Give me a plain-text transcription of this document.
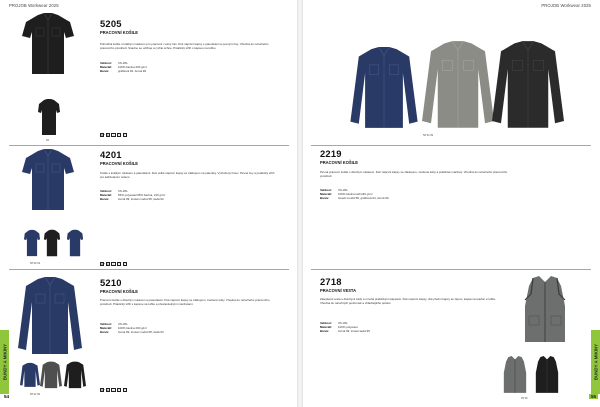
PROJOB Workwear 2025
99
5205
PRACOVNÍ KOŠILE
Pohodlná košile s krátkým rukávem pro pracovní i volný čas. Dvě náprsní kapsy s patentkami a pevnými švy. Vhodná do náročného pracovního prostředí. Snadno se udržuje a rychle schne. Praktický střih s kapsou na tužku.
Velikost:	XS-3XL
Materiál:	100% bavlna 200 g/m²
Barva:	grafitová 94, černá 99
40° ⊘	△	▢	◯
58 99 93
4201
PRACOVNÍ KOŠILE
Košile s krátkým rukávem a patentkami. Dvě velké náprsní kapsy se záklopem na patentky. Vyztužený límec. Pevné švy a praktický střih pro každodenní nošení.
Velikost:	XS-3XL
Materiál:	65% polyester/35% bavlna, 210 g/m²
Barva:	černá 99, tmavě modrá 58, šedá 93
40° ⊘	△	▢	◯
58 93 99
5210
PRACOVNÍ KOŠILE
Pracovní košile s dlouhým rukávem a patentkami. Dvě náprsní kapsy se záklopem, zesílené lokty. Vhodná do náročného pracovního prostředí. Praktický střih s kapsou na tužku a přestavitelnými manžetami.
Velikost:	XS-3XL
Materiál:	100% bavlna 200 g/m²
Barva:	černá 99, tmavě modrá 58, šedá 93
40° ⊘	△	▢	◯
BUNDY A MIKINY
54
PROJOB Workwear 2025
58 94 99
2219
PRACOVNÍ KOŠILE
Pevná pracovní košile s dlouhým rukávem. Dvě náprsní kapsy se záklopem, zesílené lokty a praktické manžety. Vhodná do náročného pracovního prostředí.
Velikost:	XS-3XL
Materiál:	100% bavlna twill 240 g/m²
Barva:	tmavě modrá 58, grafitová 94, černá 99
2718
PRACOVNÍ VESTA
Zateplená vesta s dlouhými zády a mnoha praktickými kapsami. Dvě náprsní kapsy, dvě přední kapsy se zipem, kapsa na telefon a tužku. Vhodná do náročných podmínek a chladnějšího počasí.
Velikost:	XS-3XL
Materiál:	100% polyester
Barva:	černá 99, tmavě šedá 95
95 99
BUNDY A MIKINY
55
